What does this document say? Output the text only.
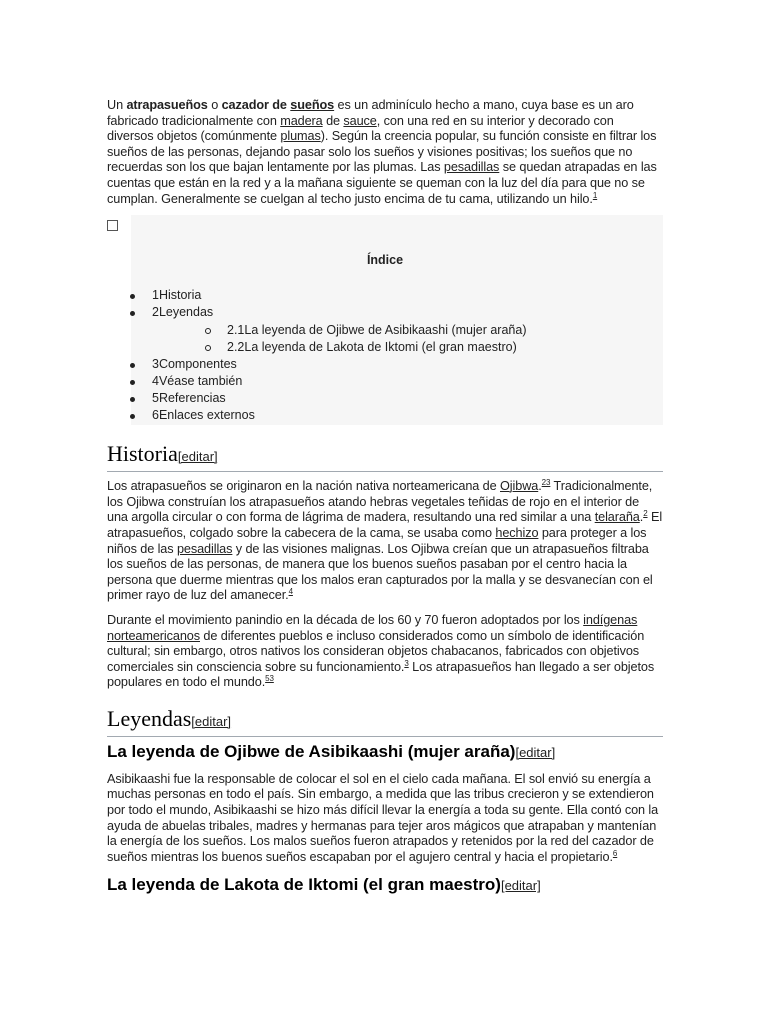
Un atrapasueños o cazador de sueños es un adminículo hecho a mano, cuya base es un aro fabricado tradicionalmente con madera de sauce, con una red en su interior y decorado con diversos objetos (comúnmente plumas). Según la creencia popular, su función consiste en filtrar los sueños de las personas, dejando pasar solo los sueños y visiones positivas; los sueños que no recuerdas son los que bajan lentamente por las plumas. Las pesadillas se quedan atrapadas en las cuentas que están en la red y a la mañana siguiente se queman con la luz del día para que no se cumplan. Generalmente se cuelgan al techo justo encima de tu cama, utilizando un hilo.$^1$

Índice
1Historia
2Leyendas
2.1La leyenda de Ojibwe de Asibikaashi (mujer araña)
2.2La leyenda de Lakota de Iktomi (el gran maestro)
3Componentes
4Véase también
5Referencias
6Enlaces externos
Historia[editar]

Los atrapasueños se originaron en la nación nativa norteamericana de Ojibwa.$^{23}$ Tradicionalmente, los Ojibwa construían los atrapasueños atando hebras vegetales teñidas de rojo en el interior de una argolla circular o con forma de lágrima de madera, resultando una red similar a una telaraña.$^2$ El atrapasueños, colgado sobre la cabecera de la cama, se usaba como hechizo para proteger a los niños de las pesadillas y de las visiones malignas. Los Ojibwa creían que un atrapasueños filtraba los sueños de las personas, de manera que los buenos sueños pasaban por el centro hacia la persona que duerme mientras que los malos eran capturados por la malla y se desvanecían con el primer rayo de luz del amanecer.$^4$

Durante el movimiento panindio en la década de los 60 y 70 fueron adoptados por los indígenas norteamericanos de diferentes pueblos e incluso considerados como un símbolo de identificación cultural; sin embargo, otros nativos los consideran objetos chabacanos, fabricados con objetivos comerciales sin consciencia sobre su funcionamiento.$^3$ Los atrapasueños han llegado a ser objetos populares en todo el mundo.$^{53}$

Leyendas[editar]
La leyenda de Ojibwe de Asibikaashi (mujer araña)[editar]

Asibikaashi fue la responsable de colocar el sol en el cielo cada mañana. El sol envió su energía a muchas personas en todo el país. Sin embargo, a medida que las tribus crecieron y se extendieron por todo el mundo, Asibikaashi se hizo más difícil llevar la energía a toda su gente. Ella contó con la ayuda de abuelas tribales, madres y hermanas para tejer aros mágicos que atrapaban y mantenían la energía de los sueños. Los malos sueños fueron atrapados y retenidos por la red del cazador de sueños mientras los buenos sueños escapaban por el agujero central y hacia el propietario.$^6$

La leyenda de Lakota de Iktomi (el gran maestro)[editar]
